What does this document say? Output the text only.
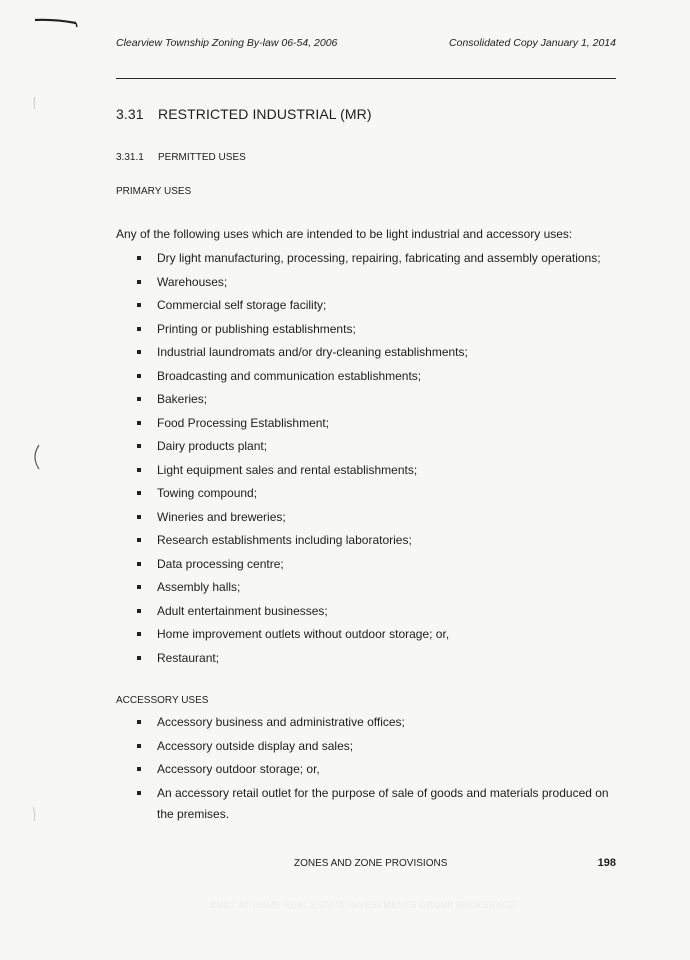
Clearview Township Zoning By-law 06-54, 2006	Consolidated Copy January 1, 2014
3.31 RESTRICTED INDUSTRIAL (MR)
3.31.1 PERMITTED USES
PRIMARY USES
Any of the following uses which are intended to be light industrial and accessory uses:
Dry light manufacturing, processing, repairing, fabricating and assembly operations;
Warehouses;
Commercial self storage facility;
Printing or publishing establishments;
Industrial laundromats and/or dry-cleaning establishments;
Broadcasting and communication establishments;
Bakeries;
Food Processing Establishment;
Dairy products plant;
Light equipment sales and rental establishments;
Towing compound;
Wineries and breweries;
Research establishments including laboratories;
Data processing centre;
Assembly halls;
Adult entertainment businesses;
Home improvement outlets without outdoor storage; or,
Restaurant;
ACCESSORY USES
Accessory business and administrative offices;
Accessory outside display and sales;
Accessory outdoor storage; or,
An accessory retail outlet for the purpose of sale of goods and materials produced on the premises.
ZONES AND ZONE PROVISIONS	198
BUILT AT HOME REAL ESTATE INVESTMENTS GROUP BROKERAGE
